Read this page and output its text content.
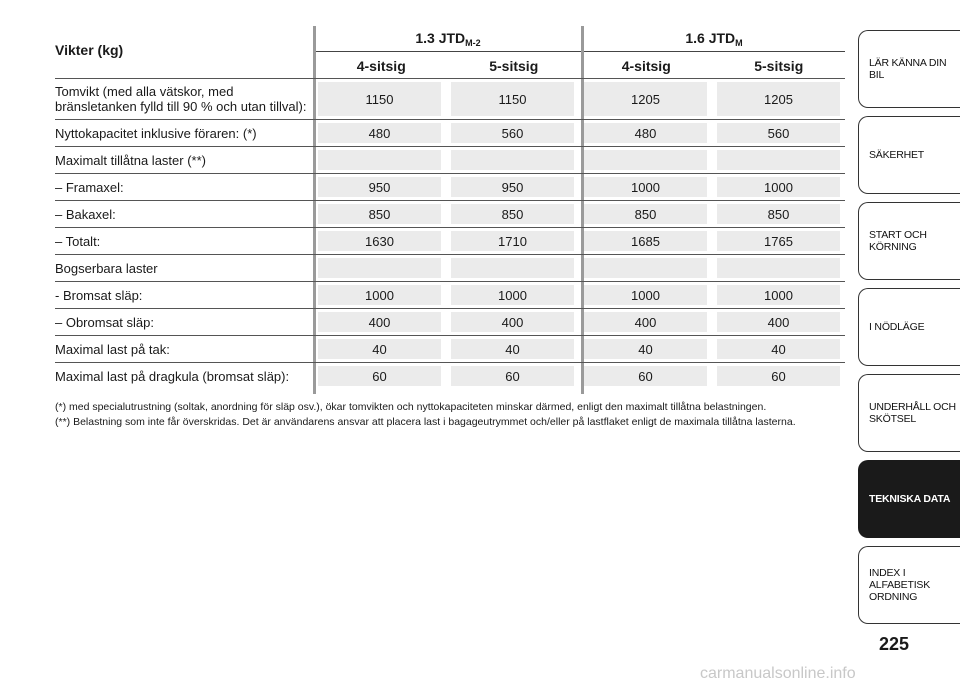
Vikter (kg)
1.3 $JTD_{M-2}$	1.6 $JTD_M$
4-sitsig	5-sitsig	4-sitsig	5-sitsig
Tomvikt (med alla vätskor, med bränsletanken fylld till 90 % och utan tillval):	1150	1150	1205	1205
Nyttokapacitet inklusive föraren: (*)	480	560	480	560
Maximalt tillåtna laster (**)
– Framaxel:	950	950	1000	1000
– Bakaxel:	850	850	850	850
– Totalt:	1630	1710	1685	1765
Bogserbara laster
- Bromsat släp:	1000	1000	1000	1000
– Obromsat släp:	400	400	400	400
Maximal last på tak:	40	40	40	40
Maximal last på dragkula (bromsat släp):	60	60	60	60
(*) med specialutrustning (soltak, anordning för släp osv.), ökar tomvikten och nyttokapaciteten minskar därmed, enligt den maximalt tillåtna belastningen.
(**) Belastning som inte får överskridas. Det är användarens ansvar att placera last i bagageutrymmet och/eller på lastflaket enligt de maximala tillåtna lasterna.
LÄR KÄNNA DIN BIL
SÄKERHET
START OCH KÖRNING
I NÖDLÄGE
UNDERHÅLL OCH SKÖTSEL
TEKNISKA DATA
INDEX I ALFABETISK ORDNING
225
carmanualsonline.info
